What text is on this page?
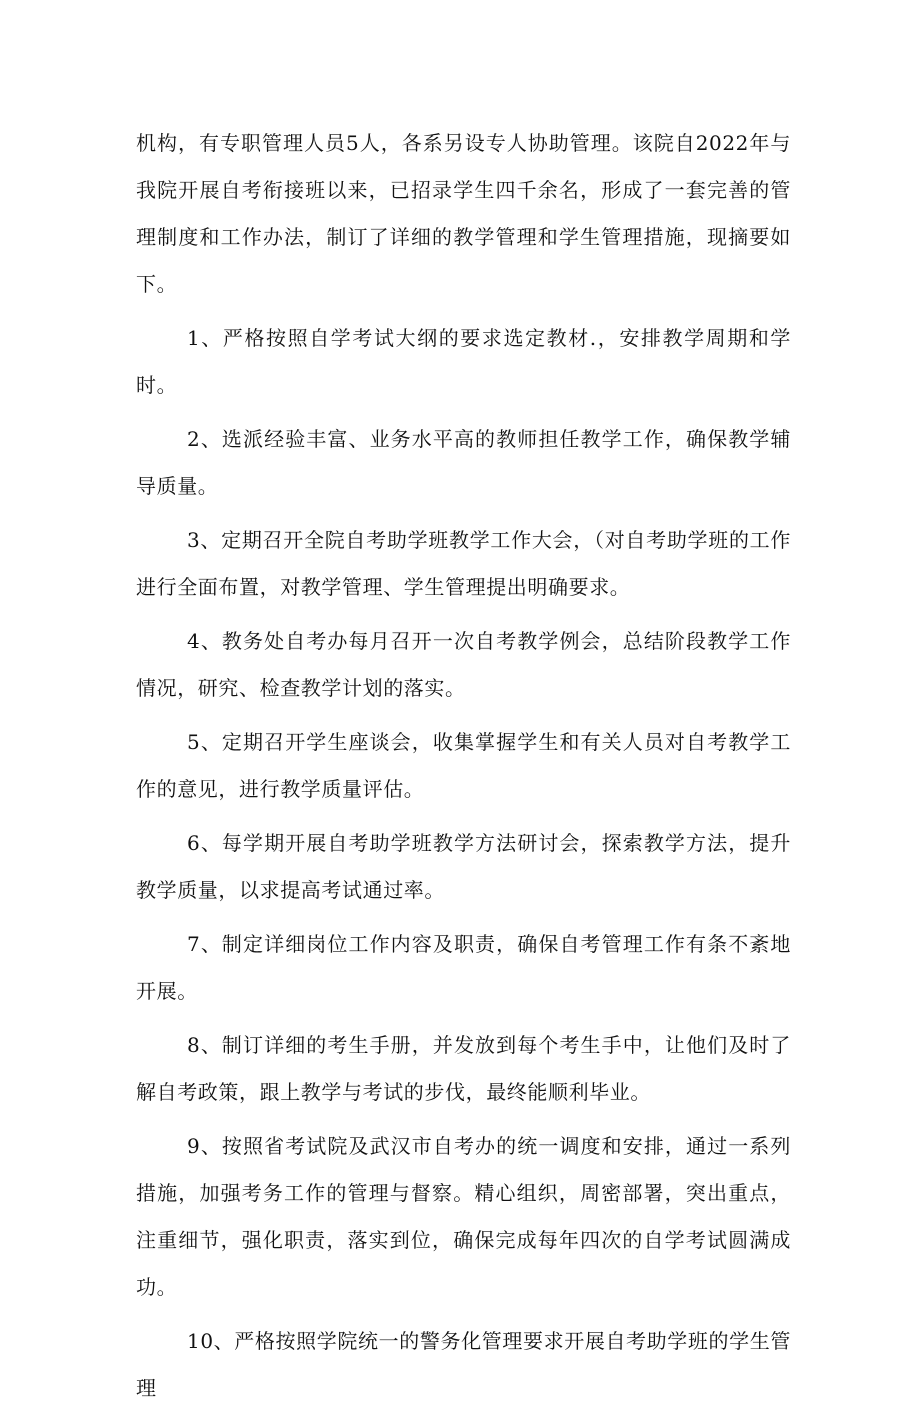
机构，有专职管理人员5人，各系另设专人协助管理。该院自2022年与我院开展自考衔接班以来，已招录学生四千余名，形成了一套完善的管理制度和工作办法，制订了详细的教学管理和学生管理措施，现摘要如下。

1、严格按照自学考试大纲的要求选定教材.，安排教学周期和学时。

2、选派经验丰富、业务水平高的教师担任教学工作，确保教学辅导质量。

3、定期召开全院自考助学班教学工作大会，（对自考助学班的工作进行全面布置，对教学管理、学生管理提出明确要求。

4、教务处自考办每月召开一次自考教学例会，总结阶段教学工作情况，研究、检查教学计划的落实。

5、定期召开学生座谈会，收集掌握学生和有关人员对自考教学工作的意见，进行教学质量评估。

6、每学期开展自考助学班教学方法研讨会，探索教学方法，提升教学质量，以求提高考试通过率。

7、制定详细岗位工作内容及职责，确保自考管理工作有条不紊地开展。

8、制订详细的考生手册，并发放到每个考生手中，让他们及时了解自考政策，跟上教学与考试的步伐，最终能顺利毕业。

9、按照省考试院及武汉市自考办的统一调度和安排，通过一系列措施，加强考务工作的管理与督察。精心组织，周密部署，突出重点，注重细节，强化职责，落实到位，确保完成每年四次的自学考试圆满成功。

10、严格按照学院统一的警务化管理要求开展自考助学班的学生管理
